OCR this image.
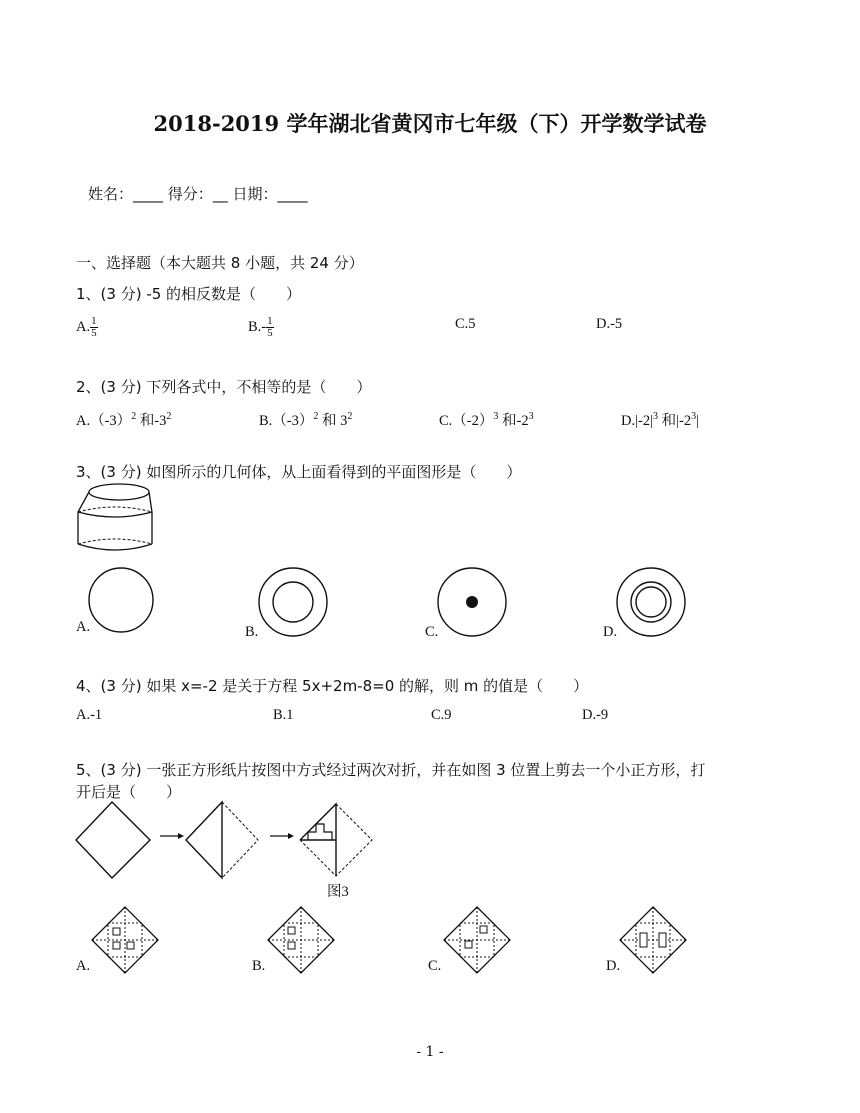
2018-2019 学年湖北省黄冈市七年级（下）开学数学试卷
姓名：____ 得分：__ 日期：____
一、选择题（本大题共 8 小题，共 24 分）
1、(3 分) -5 的相反数是（　　）
A. $\frac{1}{5}$	$B.- \frac{1}{5}$	C.5	D.-5
2、(3 分) 下列各式中，不相等的是（　　）
$A.(-3)^2$ 和$-3^2$	$B.(-3)^2$ 和 $3^2$	$C.(-2)^3$ 和$-2^3$	$D.|-2|^3$ 和$|-2^3|$
3、(3 分) 如图所示的几何体，从上面看得到的平面图形是（　　）
A.	B.	C.	D.
4、(3 分) 如果 x=-2 是关于方程 5x+2m-8=0 的解，则 m 的值是（　　）
A.-1	B.1	C.9	D.-9
5、(3 分) 一张正方形纸片按图中方式经过两次对折，并在如图 3 位置上剪去一个小正方形，打
开后是（　　）
图3
A.	B.	C.	D.
- 1 -
